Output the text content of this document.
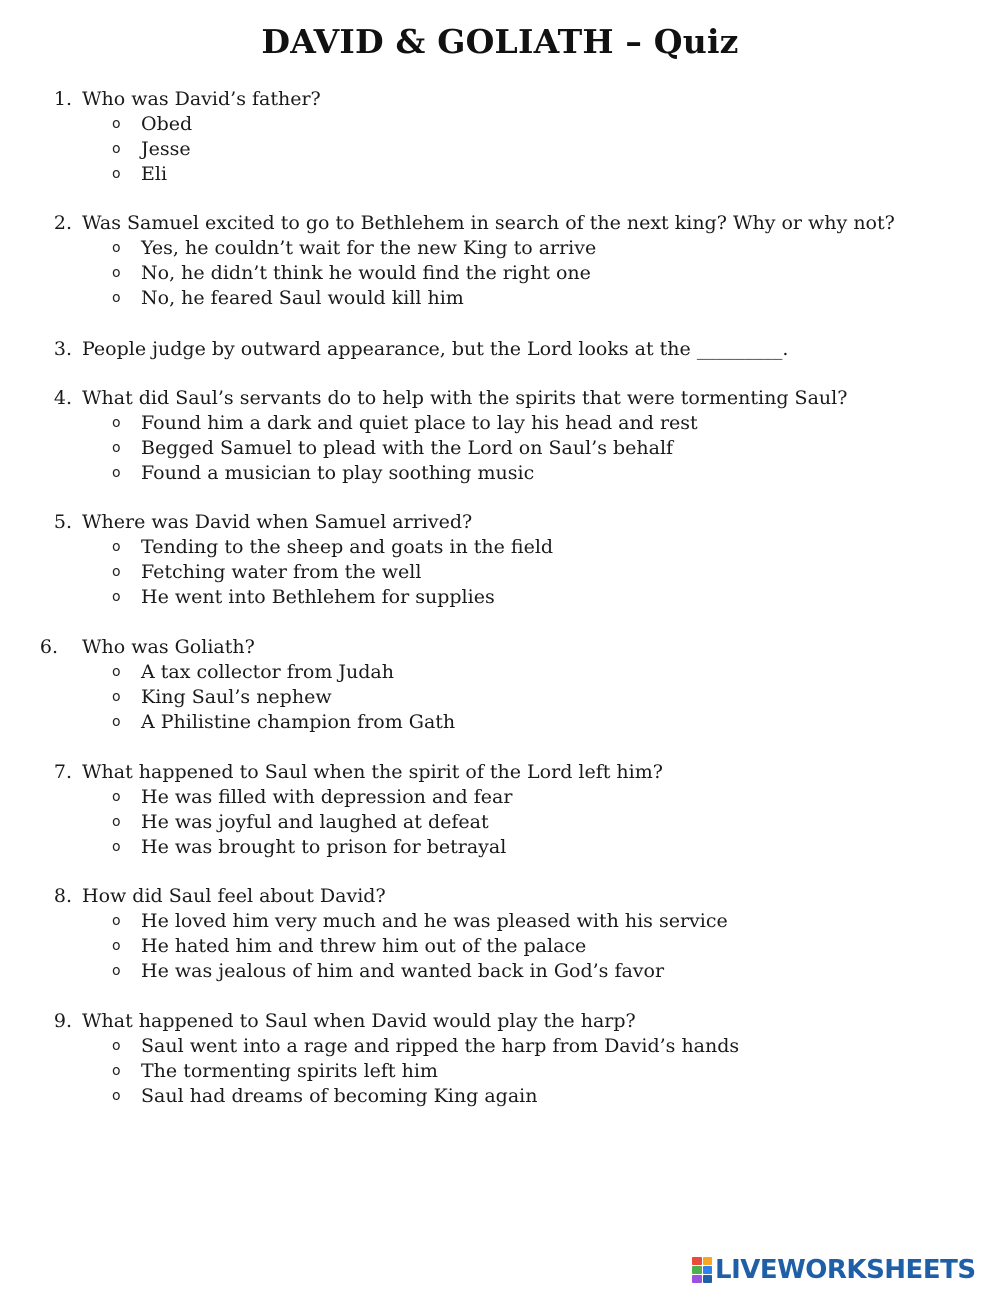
DAVID & GOLIATH – Quiz
1. Who was David’s father?
o Obed
o Jesse
o Eli
2. Was Samuel excited to go to Bethlehem in search of the next king? Why or why not?
o Yes, he couldn’t wait for the new King to arrive
o No, he didn’t think he would find the right one
o No, he feared Saul would kill him
3. People judge by outward appearance, but the Lord looks at the _________.
4. What did Saul’s servants do to help with the spirits that were tormenting Saul?
o Found him a dark and quiet place to lay his head and rest
o Begged Samuel to plead with the Lord on Saul’s behalf
o Found a musician to play soothing music
5. Where was David when Samuel arrived?
o Tending to the sheep and goats in the field
o Fetching water from the well
o He went into Bethlehem for supplies
6. Who was Goliath?
o A tax collector from Judah
o King Saul’s nephew
o A Philistine champion from Gath
7. What happened to Saul when the spirit of the Lord left him?
o He was filled with depression and fear
o He was joyful and laughed at defeat
o He was brought to prison for betrayal
8. How did Saul feel about David?
o He loved him very much and he was pleased with his service
o He hated him and threw him out of the palace
o He was jealous of him and wanted back in God’s favor
9. What happened to Saul when David would play the harp?
o Saul went into a rage and ripped the harp from David’s hands
o The tormenting spirits left him
o Saul had dreams of becoming King again
LIVEWORKSHEETS
